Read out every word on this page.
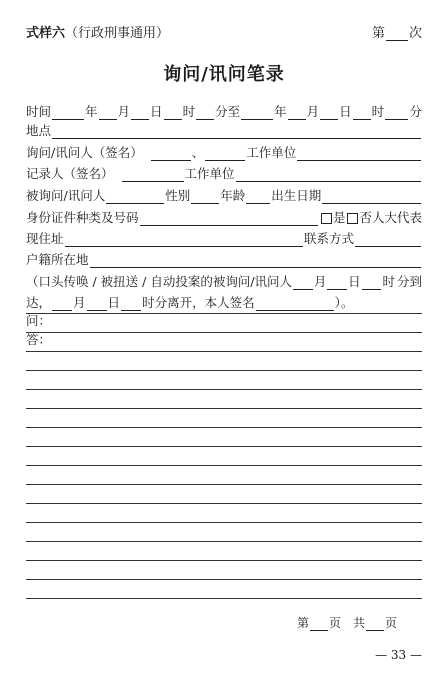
式样六（行政刑事通用）	第 次
询问/讯问笔录
时间	年 月 日 时 分至	年 月 日 时 分
地点
询问/讯问人（签名）	、	工作单位
记录人（签名）	工作单位
被询问/讯问人	性别 年龄 出生日期
身份证件种类及号码	是 否人大代表
现住址	联系方式
户籍所在地
（口头传唤 / 被扭送 / 自动投案的被询问/讯问人 月 日 时 分到
达， 月 日 时 分离开，本人签名	）。
问：
答：
第 页　共 页
— 33 —
